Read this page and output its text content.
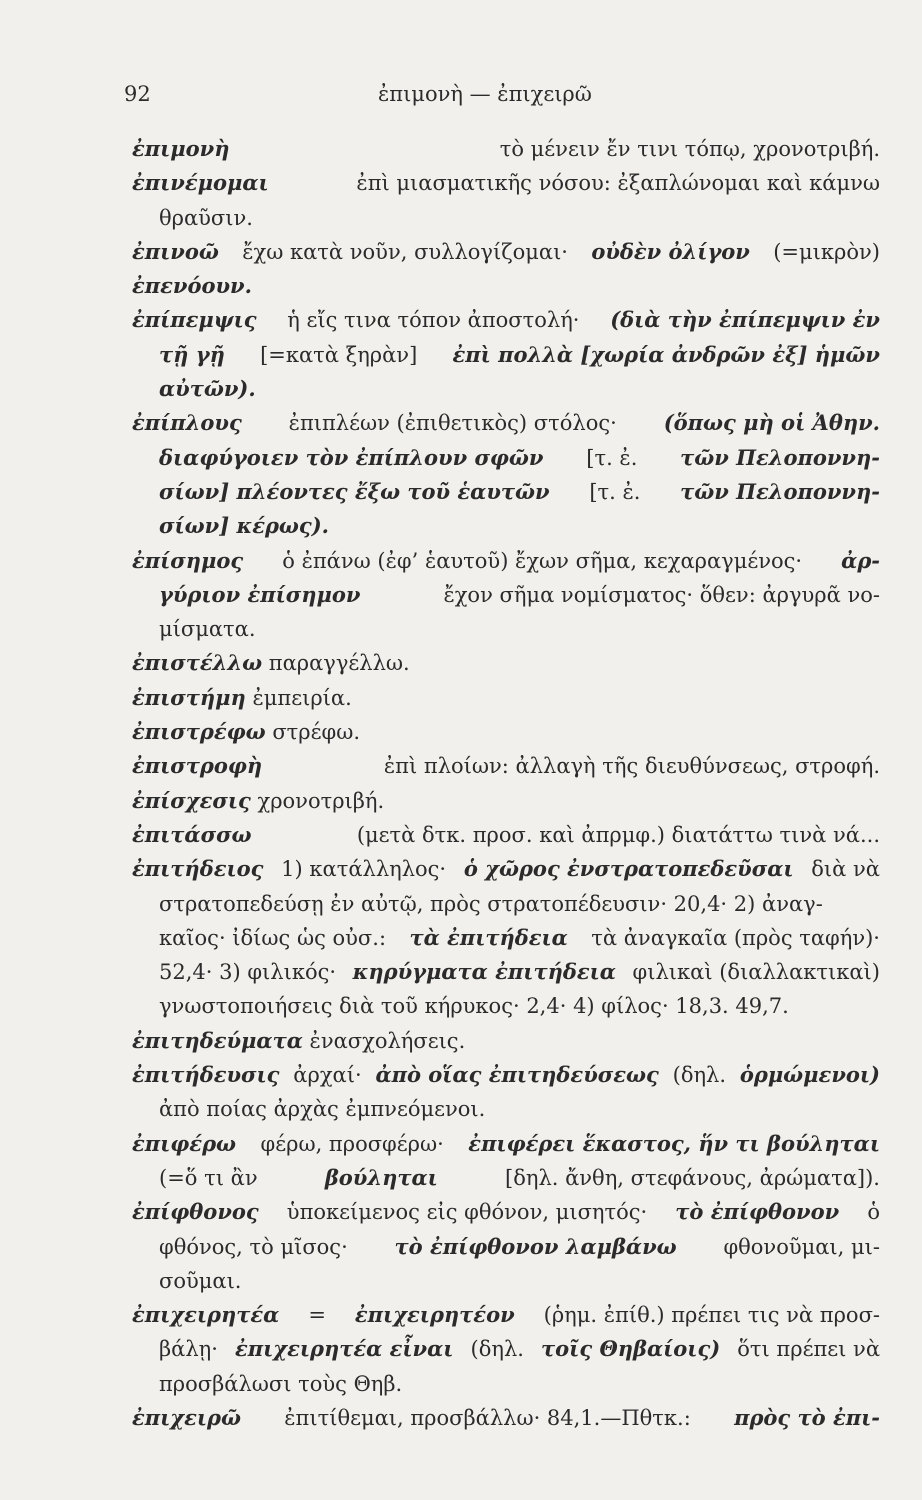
92	ἐπιμονὴ — ἐπιχειρῶ
ἐπιμονὴ	τὸ μένειν ἔν τινι τόπῳ, χρονοτριβή.
ἐπινέμομαι	ἐπὶ μιασματικῆς νόσου: ἐξαπλώνομαι καὶ κάμνω
θραῦσιν.
ἐπινοῶ ἔχω κατὰ νοῦν, συλλογίζομαι· οὐδὲν ὀλίγον (=μικρὸν)
ἐπενόουν.
ἐπίπεμψις ἡ εἴς τινα τόπον ἀποστολή· (διὰ τὴν ἐπίπεμψιν ἐν
τῇ γῇ [=κατὰ ξηρὰν] ἐπὶ πολλὰ [χωρία ἀνδρῶν ἐξ] ἡμῶν
αὐτῶν).
ἐπίπλους ἐπιπλέων (ἐπιθετικὸς) στόλος· (ὅπως μὴ οἱ Ἀθην.
διαφύγοιεν τὸν ἐπίπλουν σφῶν [τ. ἐ. τῶν Πελοποννη-
σίων] πλέοντες ἔξω τοῦ ἑαυτῶν [τ. ἐ. τῶν Πελοποννη-
σίων] κέρως).
ἐπίσημος ὁ ἐπάνω (ἐφ’ ἑαυτοῦ) ἔχων σῆμα, κεχαραγμένος· ἀρ-
γύριον ἐπίσημον	ἔχον σῆμα νομίσματος· ὅθεν: ἀργυρᾶ νο-
μίσματα.
ἐπιστέλλω παραγγέλλω.
ἐπιστήμη ἐμπειρία.
ἐπιστρέφω στρέφω.
ἐπιστροφὴ	ἐπὶ πλοίων: ἀλλαγὴ τῆς διευθύνσεως, στροφή.
ἐπίσχεσις χρονοτριβή.
ἐπιτάσσω	(μετὰ δτκ. προσ. καὶ ἀπρμφ.) διατάττω τινὰ νά...
ἐπιτήδειος 1) κατάλληλος· ὁ χῶρος ἐνστρατοπεδεῦσαι διὰ νὰ
στρατοπεδεύσῃ ἐν αὐτῷ, πρὸς στρατοπέδευσιν· 20,4· 2) ἀναγ-
καῖος· ἰδίως ὡς οὐσ.: τὰ ἐπιτήδεια τὰ ἀναγκαῖα (πρὸς ταφήν)·
52,4· 3) φιλικός· κηρύγματα ἐπιτήδεια φιλικαὶ (διαλλακτικαὶ)
γνωστοποιήσεις διὰ τοῦ κήρυκος· 2,4· 4) φίλος· 18,3. 49,7.
ἐπιτηδεύματα ἐνασχολήσεις.
ἐπιτήδευσις ἀρχαί· ἀπὸ οἵας ἐπιτηδεύσεως (δηλ. ὁρμώμενοι)
ἀπὸ ποίας ἀρχὰς ἐμπνεόμενοι.
ἐπιφέρω φέρω, προσφέρω· ἐπιφέρει ἕκαστος, ἥν τι βούληται
(=ὅ τι ἂν	βούληται	[δηλ. ἄνθη, στεφάνους, ἀρώματα]).
ἐπίφθονος ὑποκείμενος εἰς φθόνον, μισητός· τὸ ἐπίφθονον ὁ
φθόνος, τὸ μῖσος· τὸ ἐπίφθονον λαμβάνω φθονοῦμαι, μι-
σοῦμαι.
ἐπιχειρητέα = ἐπιχειρητέον (ῥημ. ἐπίθ.) πρέπει τις νὰ προσ-
βάλῃ· ἐπιχειρητέα εἶναι (δηλ. τοῖς Θηβαίοις) ὅτι πρέπει νὰ
προσβάλωσι τοὺς Θηβ.
ἐπιχειρῶ ἐπιτίθεμαι, προσβάλλω· 84,1.—Πθτκ.: πρὸς τὸ ἐπι-
